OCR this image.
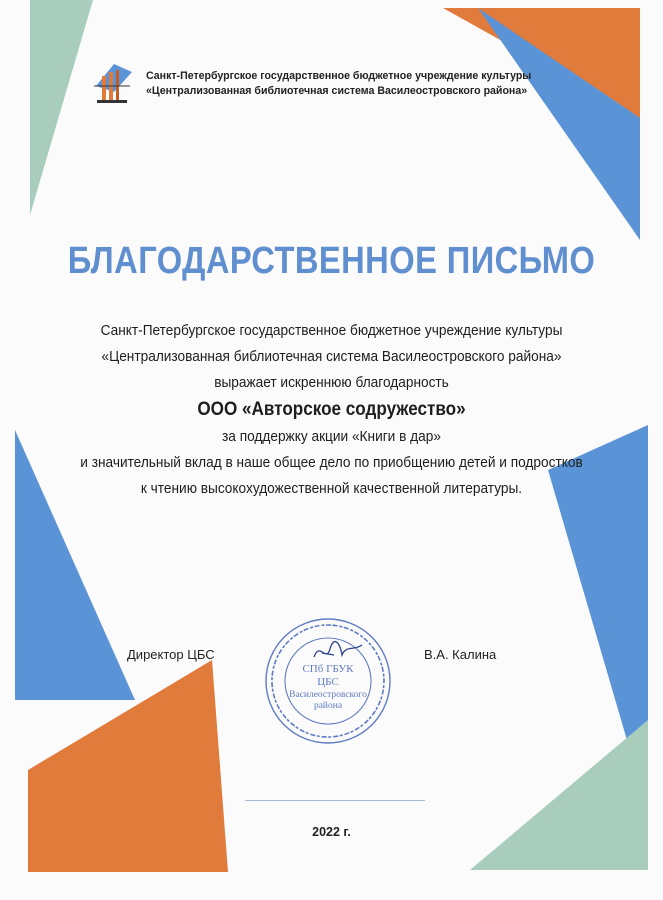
Санкт-Петербургское государственное бюджетное учреждение культуры
«Централизованная библиотечная система Василеостровского района»
БЛАГОДАРСТВЕННОЕ ПИСЬМО
Санкт-Петербургское государственное бюджетное учреждение культуры
«Централизованная библиотечная система Василеостровского района»
выражает искреннюю благодарность
ООО «Авторское содружество»
за поддержку акции «Книги в дар»
и значительный вклад в наше общее дело по приобщению детей и подростков
к чтению высокохудожественной качественной литературы.
Директор ЦБС	В.А. Калина
СПб ГБУК
ЦБС
Василеостровского
района
2022 г.
